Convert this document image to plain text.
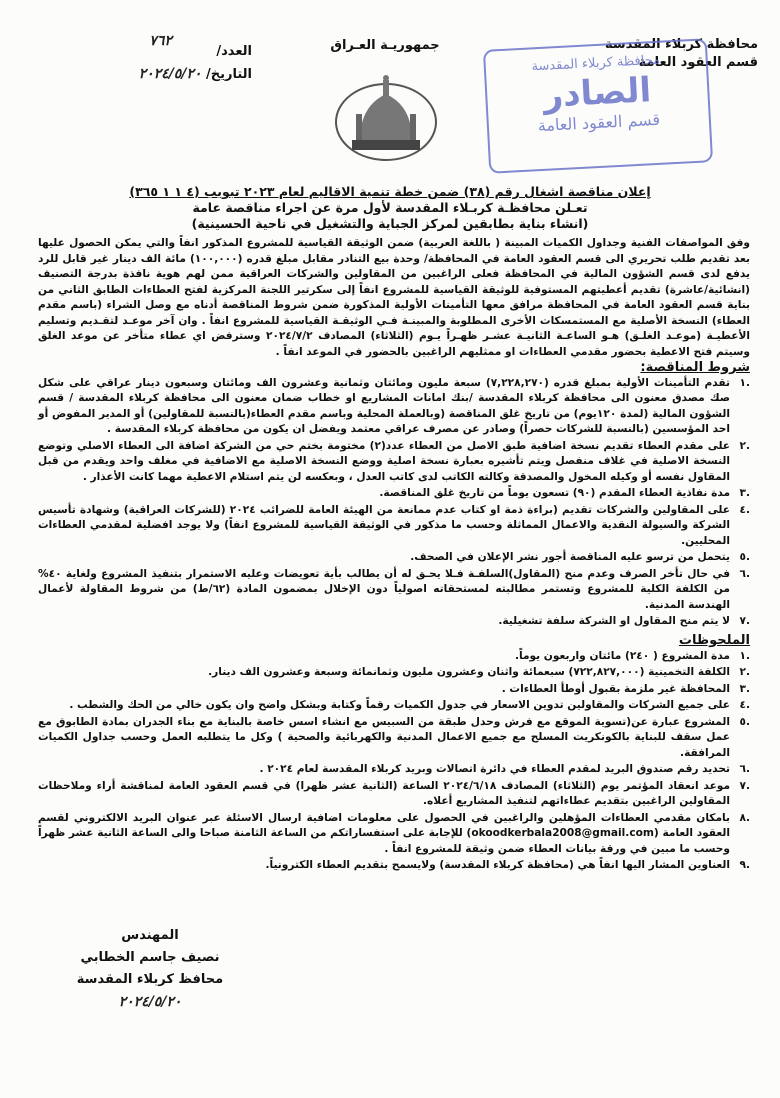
محافظة كربلاء المقدسة
قسم العقود العامة
جمهوريـة العـراق
العدد/ ٧٦٢
التاريخ/ ٢٠٢٤/٥/٢٠	محافظة كربلاء المقدسة
الصادر
قسم العقود العامة
إعلان مناقصة اشغال رقم (٣٨) ضمن خطة تنمية الاقاليم لعام ٢٠٢٣ تبويب (٤ ١ ١ ٣٦٥)
تعـلن محافظـة كربـلاء المقدسة لأول مرة عن اجراء مناقصة عامة
(انشاء بناية بطابقين لمركز الجباية والتشغيل في ناحية الحسينية)
وفق المواصفات الفنية وجداول الكميات المبينة ( باللغة العربية) ضمن الوثيقة القياسية للمشروع المذكور انفاً والتي يمكن الحصول عليها بعد تقديم طلب تحريري الى قسم العقود العامة في المحافظة/ وحدة بيع التنادر مقابل مبلغ قدره (١٠٠,٠٠٠) مائة الف دينار غير قابل للرد يدفع لدى قسم الشؤون المالية في المحافظة فعلى الراغبين من المقاولين والشركات العراقية ممن لهم هوية نافذة بدرجة التصنيف (انشائية/عاشرة) تقديم أعطيتهم المستوفية للوثيقة القياسية للمشروع انفاً إلى سكرتير اللجنة المركزية لفتح العطاءات الطابق الثاني من بناية قسم العقود العامة في المحافظة مرافق معها التأمينات الأولية المذكورة ضمن شروط المناقصة أدناه مع وصل الشراء (باسم مقدم العطاء) النسخة الأصلية مع المستمسكات الأخرى المطلوبة والمبينـة فـي الوثيقـة القياسية للمشروع انفاً . وان آخر موعـد لتقـديم وتسليم الأعطيـة (موعـد الغلـق) هـو الساعـة الثانيـة عشـر ظهـراً يـوم (الثلاثاء) المصادف ٢٠٢٤/٧/٢ وسترفض اي عطاء متأخر عن موعد الغلق وسيتم فتح الاعطية بحضور مقدمي العطاءات او ممثليهم الراغبين بالحضور في الموعد انفاً .
شروط المناقصة:
.١
تقدم التأمينات الأولية بمبلغ قدره (٧,٢٢٨,٢٧٠) سبعة مليون ومائتان وثمانية وعشرون الف ومائتان وسبعون دينار عراقي على شكل صك مصدق معنون الى محافظة كربلاء المقدسة /بنك امانات المشاريع او خطاب ضمان معنون الى محافظة كربلاء المقدسة / قسم الشؤون المالية (لمدة ١٢٠يوم) من تاريخ غلق المناقصة (وبالعملة المحلية وباسم مقدم العطاء(بالنسبة للمقاولين) أو المدير المفوض أو احد المؤسسين (بالنسبة للشركات حصراً) وصادر عن مصرف عراقي معتمد ويفضل ان يكون من محافظة كربلاء المقدسة .
.٢
على مقدم العطاء تقديم نسخة اضافية طبق الاصل من العطاء عدد(٢) مختومة بختم حي من الشركة اضافة الى العطاء الاصلي وتوضع النسخة الاصلية في غلاف منفصل ويتم تأشيره بعبارة نسخة اصلية ووضع النسخة الاصلية مع الاضافية في مغلف واحد ويقدم من قبل المقاول نفسه أو وكيله المخول والمصدقة وكالته الكاتب لدى كاتب العدل ، وبعكسه لن يتم استلام الاعطية مهما كانت الأعذار .
.٣
مدة نفاذية العطاء المقدم (٩٠) تسعون يوماً من تاريخ غلق المناقصة.
.٤
على المقاولين والشركات تقديم (براءة ذمة او كتاب عدم ممانعة من الهيئة العامة للضرائب ٢٠٢٤ (للشركات العراقية) وشهادة تأسيس الشركة والسيولة النقدية والاعمال المماثلة وحسب ما مذكور في الوثيقة القياسية للمشروع انفاً) ولا يوجد افضلية لمقدمي العطاءات المحليين.
.٥
يتحمل من ترسو عليه المناقصة أجور نشر الإعلان في الصحف.
.٦
في حال تأخر الصرف وعدم منح (المقاول)السلفـة فـلا يحـق له أن يطالب بأية تعويضات وعليه الاستمرار بتنفيذ المشروع ولغاية ٤٠% من الكلفة الكلية للمشروع وتستمر مطالبته لمستحقاته اصولياً دون الإخلال بمضمون المادة (٦٢/ط) من شروط المقاولة لأعمال الهندسة المدنية.
.٧
لا يتم منح المقاول او الشركة سلفة تشغيلية.
الملحوظات
.١
مدة المشروع ( ٢٤٠) مائتان واربعون يوماً.
.٢
الكلفة التخمينية (٧٢٢,٨٢٧,٠٠٠) سبعمائة واثنان وعشرون مليون وثمانمائة وسبعة وعشرون الف دينار.
.٣
المحافظة غير ملزمة بقبول أوطأ العطاءات .
.٤
على جميع الشركات والمقاولين تدوين الاسعار في جدول الكميات رقماً وكتابة وبشكل واضح وان يكون خالي من الحك والشطب .
.٥
المشروع عبارة عن(تسوية الموقع مع فرش وحدل طبقة من السبيس مع انشاء اسس خاصة بالبناية مع بناء الجدران بمادة الطابوق مع عمل سقف للبناية بالكونكريت المسلح مع جميع الاعمال المدنية والكهربائية والصحية ) وكل ما يتطلبه العمل وحسب جداول الكميات المرافقة.
.٦
تحديد رقم صندوق البريد لمقدم العطاء في دائرة اتصالات وبريد كربلاء المقدسة لعام ٢٠٢٤ .
.٧
موعد انعقاد المؤتمر يوم (الثلاثاء) المصادف ٢٠٢٤/٦/١٨ الساعة (الثانية عشر ظهرا) في قسم العقود العامة لمناقشة أراء وملاحظات المقاولين الراغبين بتقديم عطاءاتهم لتنفيذ المشاريع أعلاه.
.٨
بامكان مقدمي العطاءات المؤهلين والراغبين في الحصول على معلومات اضافية ارسال الاسئلة عبر عنوان البريد الالكتروني لقسم العقود العامة (okoodkerbala2008@gmail.com) للإجابة على استفساراتكم من الساعة الثامنة صباحا والى الساعة الثانية عشر ظهراً وحسب ما مبين في ورقة بيانات العطاء ضمن وثيقة للمشروع انفاً .
.٩
العناوين المشار اليها انفاً هي (محافظة كربلاء المقدسة) ولايسمح بتقديم العطاء الكترونياً.
المهندس
نصيف جاسم الخطابي
محافظ كربلاء المقدسة
٢٠٢٤/٥/٢٠
